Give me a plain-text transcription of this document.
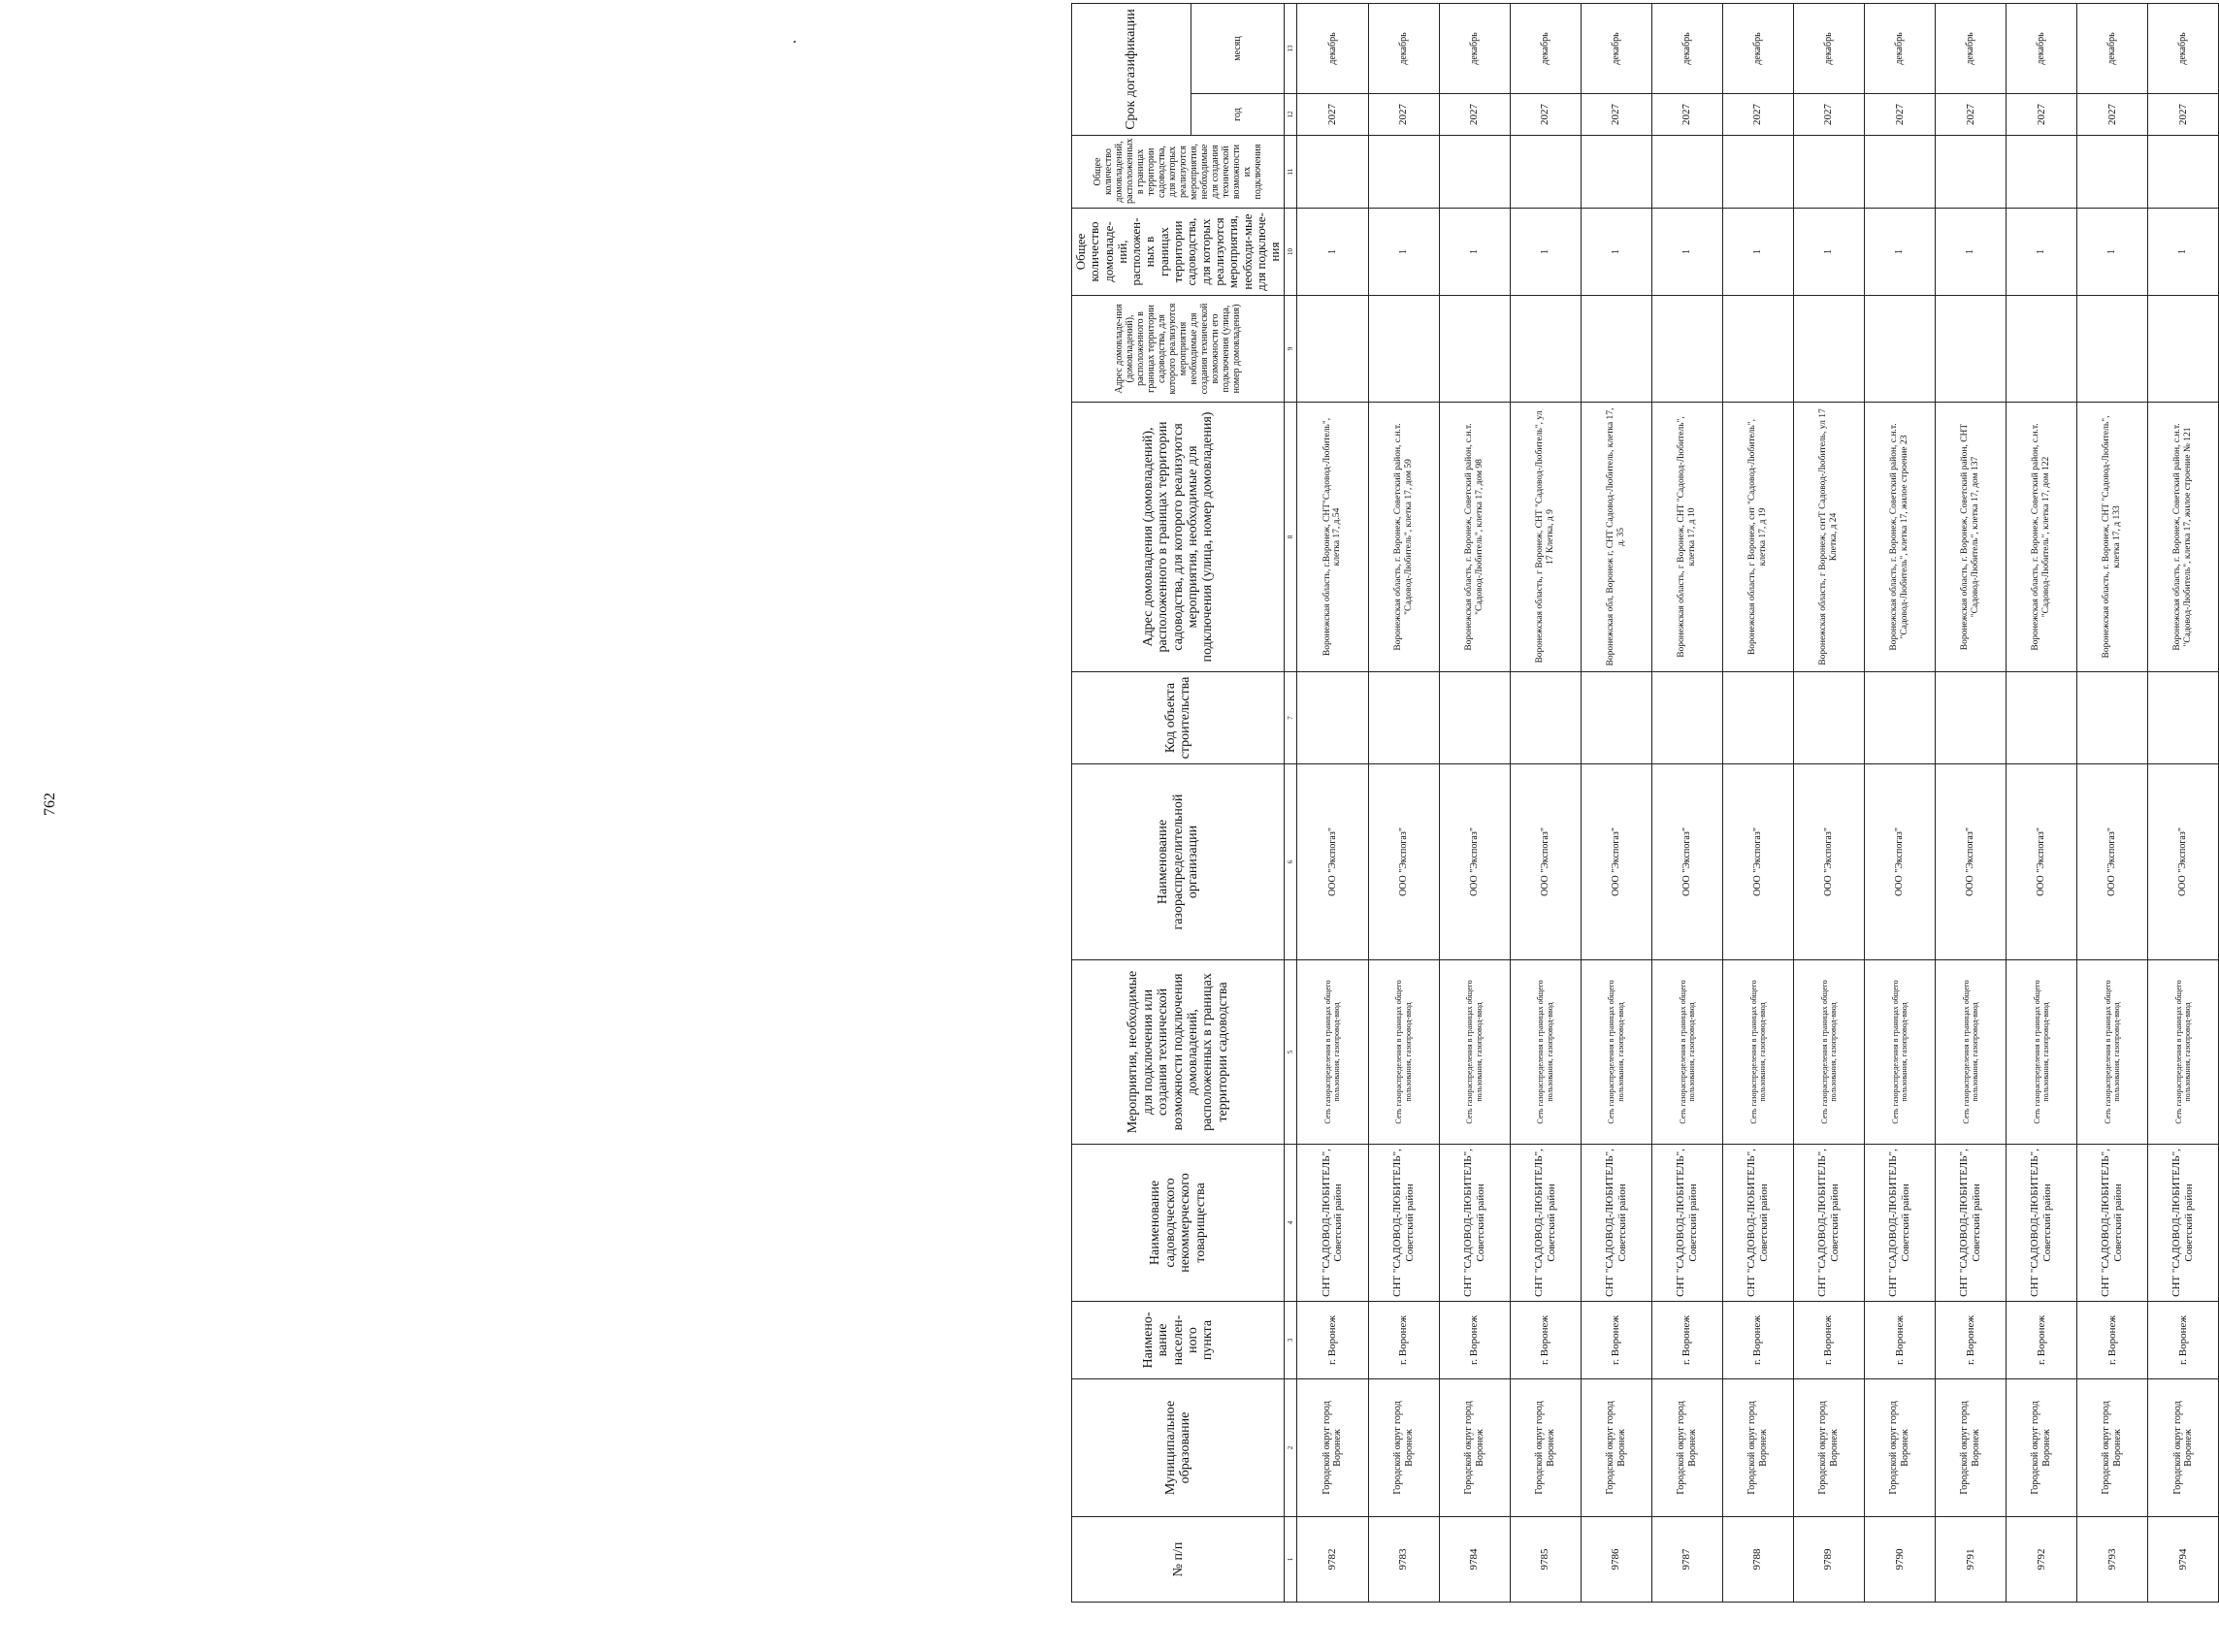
762
№ п/п	Муниципальное образование	Наимено-вание населен-ного пункта	Наименование садоводческого некоммерческого товарищества	Мероприятия, необходимые для подключения или создания технической возможности подключения домовладений, расположенных в границах территории садоводства	Наименование газораспределительной организации	Код объекта строительства	Адрес домовладения (домовладений), расположенного в границах территории садоводства, для которого реализуются мероприятия, необходимые для подключения (улица, номер домовладения)	Адрес домовладе-ния (домовладений), расположенного в границах территории садоводства, для которого реализуются мероприятия необходимые для создания технической возможности его подключения (улица, номер домовладения)	Общее количество домовладе-ний, расположен-ных в границах территории садоводства, для которых реализуются мероприятия, необходи-мые для подключе-ния	Общее количество домовладений, расположенных в границах территории садоводства, для которых реализуются мероприятия, необходимые для создания технической возможности их подключения	Срок догазификации	
											год	месяц
1	2	3	4	5	6	7	8	9	10	11	12	13
9782	Городской округ город Воронеж	г. Воронеж	СНТ "САДОВОД-ЛЮБИТЕЛЬ", Советский район	Сеть газораспределения в границах общего пользования, газопровод-ввод	ООО "Экспогаз"		Воронежская область, г.Воронеж, СНТ"Садовод-Любитель", клетка 17, д.54		1		2027	декабрь
9783	Городской округ город Воронеж	г. Воронеж	СНТ "САДОВОД-ЛЮБИТЕЛЬ", Советский район	Сеть газораспределения в границах общего пользования, газопровод-ввод	ООО "Экспогаз"		Воронежская область, г. Воронеж, Советский район, с.н.т. "Садовод-Любитель", клетка 17, дом 59		1		2027	декабрь
9784	Городской округ город Воронеж	г. Воронеж	СНТ "САДОВОД-ЛЮБИТЕЛЬ", Советский район	Сеть газораспределения в границах общего пользования, газопровод-ввод	ООО "Экспогаз"		Воронежская область, г. Воронеж, Советский район, с.н.т. "Садовод-Любитель", клетка 17, дом 98		1		2027	декабрь
9785	Городской округ город Воронеж	г. Воронеж	СНТ "САДОВОД-ЛЮБИТЕЛЬ", Советский район	Сеть газораспределения в границах общего пользования, газопровод-ввод	ООО "Экспогаз"		Воронежская область, г Воронеж, СНТ "Садовод-Любитель", ул 17 Клетка, д 9		1		2027	декабрь
9786	Городской округ город Воронеж	г. Воронеж	СНТ "САДОВОД-ЛЮБИТЕЛЬ", Советский район	Сеть газораспределения в границах общего пользования, газопровод-ввод	ООО "Экспогаз"		Воронежская обл, Воронеж г, СНТ Садовод-Любитель, клетка 17, д. 35		1		2027	декабрь
9787	Городской округ город Воронеж	г. Воронеж	СНТ "САДОВОД-ЛЮБИТЕЛЬ", Советский район	Сеть газораспределения в границах общего пользования, газопровод-ввод	ООО "Экспогаз"		Воронежская область, г Воронеж, СНТ "Садовод-Любитель", клетка 17, д 10		1		2027	декабрь
9788	Городской округ город Воронеж	г. Воронеж	СНТ "САДОВОД-ЛЮБИТЕЛЬ", Советский район	Сеть газораспределения в границах общего пользования, газопровод-ввод	ООО "Экспогаз"		Воронежская область, г Воронеж, снт "Садовод-Любитель", клетка 17, д 19		1		2027	декабрь
9789	Городской округ город Воронеж	г. Воронеж	СНТ "САДОВОД-ЛЮБИТЕЛЬ", Советский район	Сеть газораспределения в границах общего пользования, газопровод-ввод	ООО "Экспогаз"		Воронежская область, г Воронеж, снтТ Садовод-Любитель, ул 17 Клетка, д 24		1		2027	декабрь
9790	Городской округ город Воронеж	г. Воронеж	СНТ "САДОВОД-ЛЮБИТЕЛЬ", Советский район	Сеть газораспределения в границах общего пользования, газопровод-ввод	ООО "Экспогаз"		Воронежская область, г. Воронеж, Советский район, с.н.т. "Садовод-Любитель", клетка 17, жилое строение 23		1		2027	декабрь
9791	Городской округ город Воронеж	г. Воронеж	СНТ "САДОВОД-ЛЮБИТЕЛЬ", Советский район	Сеть газораспределения в границах общего пользования, газопровод-ввод	ООО "Экспогаз"		Воронежская область, г. Воронеж, Советский район, СНТ "Садовод-Любитель", клетка 17, дом 137		1		2027	декабрь
9792	Городской округ город Воронеж	г. Воронеж	СНТ "САДОВОД-ЛЮБИТЕЛЬ", Советский район	Сеть газораспределения в границах общего пользования, газопровод-ввод	ООО "Экспогаз"		Воронежская область, г. Воронеж, Советский район, с.н.т. "Садовод-Любитель", клетка 17, дом 122		1		2027	декабрь
9793	Городской округ город Воронеж	г. Воронеж	СНТ "САДОВОД-ЛЮБИТЕЛЬ", Советский район	Сеть газораспределения в границах общего пользования, газопровод-ввод	ООО "Экспогаз"		Воронежская область, г. Воронеж, СНТ "Садовод-Любитель", клетка 17, д 133		1		2027	декабрь
9794	Городской округ город Воронеж	г. Воронеж	СНТ "САДОВОД-ЛЮБИТЕЛЬ", Советский район	Сеть газораспределения в границах общего пользования, газопровод-ввод	ООО "Экспогаз"		Воронежская область, г. Воронеж, Советский район, с.н.т. "Садовод-Любитель", клетка 17, жилое строение № 121		1		2027	декабрь
